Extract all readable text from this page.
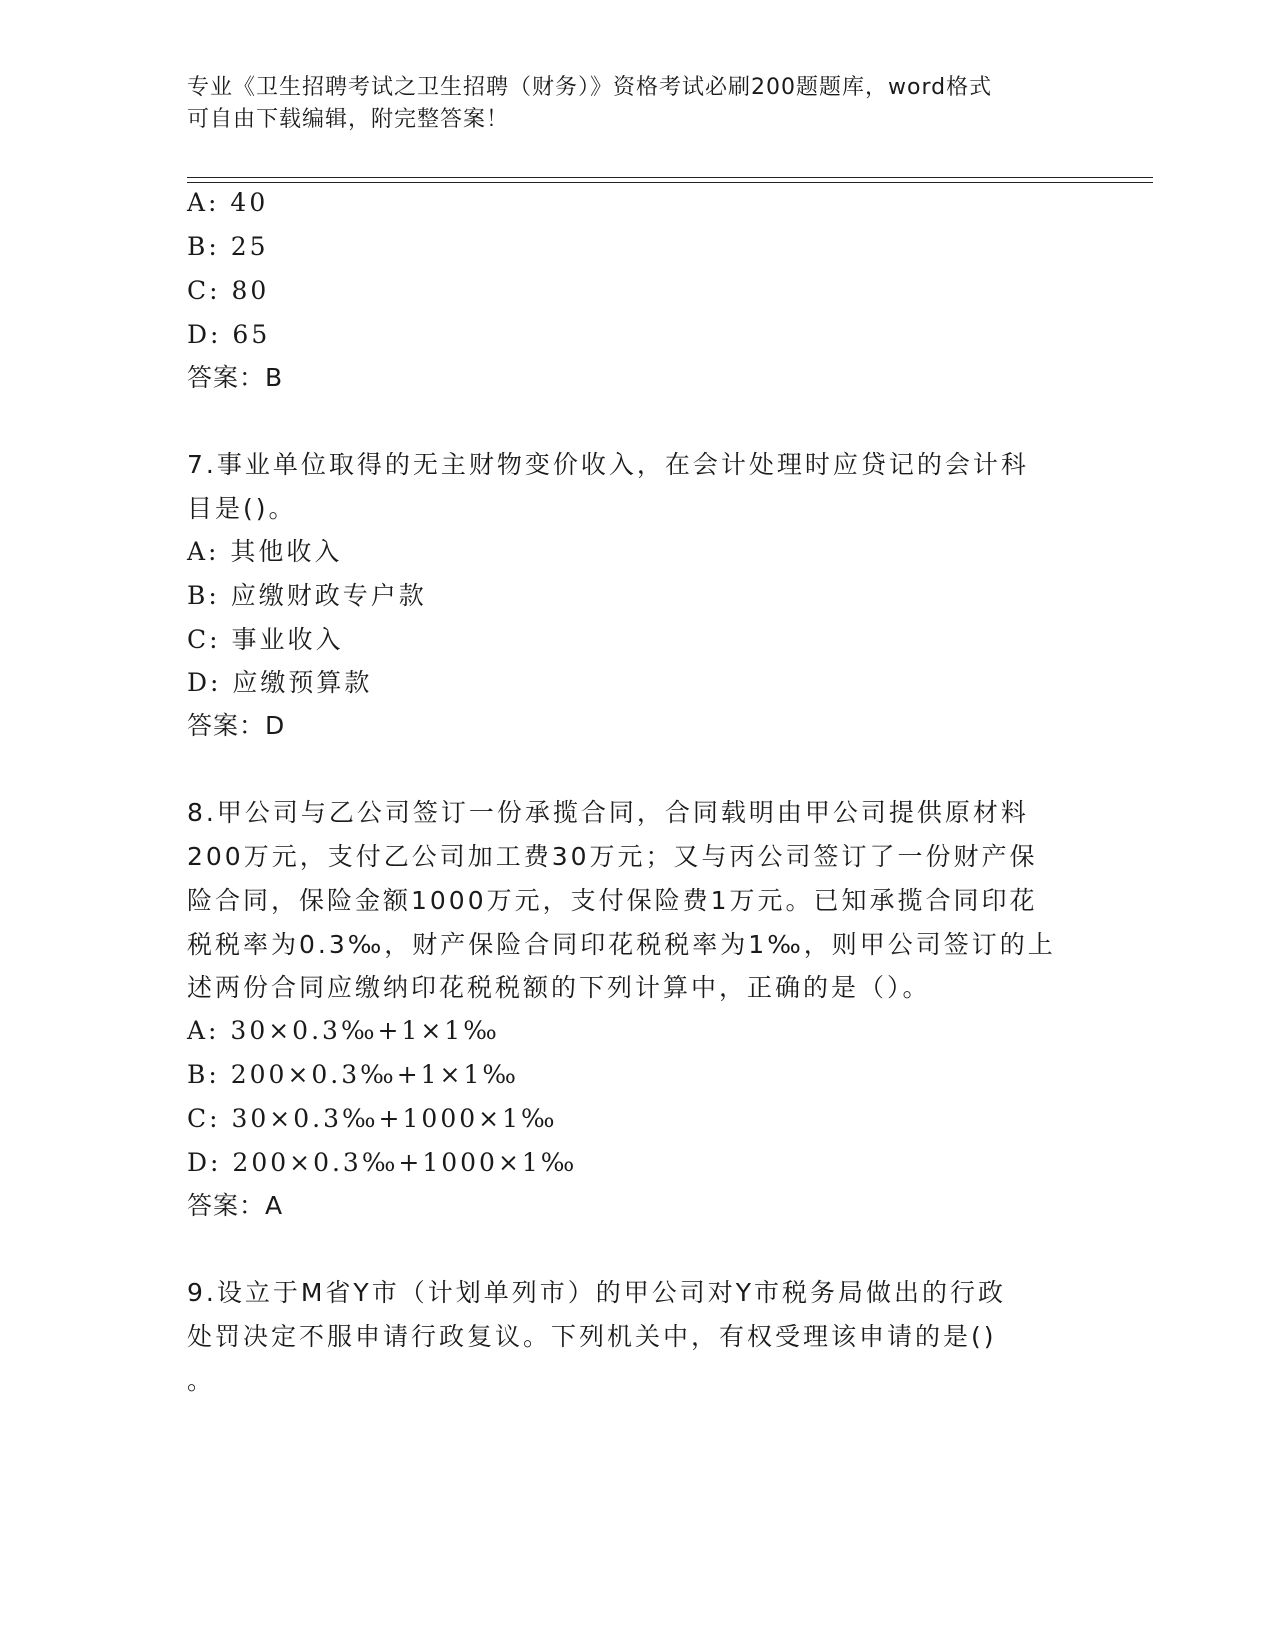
专业《卫生招聘考试之卫生招聘（财务）》资格考试必刷200题题库，word格式
可自由下载编辑，附完整答案！
A: 40
B: 25
C: 80
D: 65
答案：B
7.事业单位取得的无主财物变价收入，在会计处理时应贷记的会计科
目是()。
A: 其他收入
B: 应缴财政专户款
C: 事业收入
D: 应缴预算款
答案：D
8.甲公司与乙公司签订一份承揽合同，合同载明由甲公司提供原材料
200万元，支付乙公司加工费30万元；又与丙公司签订了一份财产保
险合同，保险金额1000万元，支付保险费1万元。已知承揽合同印花
税税率为0.3‰，财产保险合同印花税税率为1‰，则甲公司签订的上
述两份合同应缴纳印花税税额的下列计算中，正确的是（）。
A: 30×0.3‰+1×1‰
B: 200×0.3‰+1×1‰
C: 30×0.3‰+1000×1‰
D: 200×0.3‰+1000×1‰
答案：A
9.设立于M省Y市（计划单列市）的甲公司对Y市税务局做出的行政
处罚决定不服申请行政复议。下列机关中，有权受理该申请的是()
。
